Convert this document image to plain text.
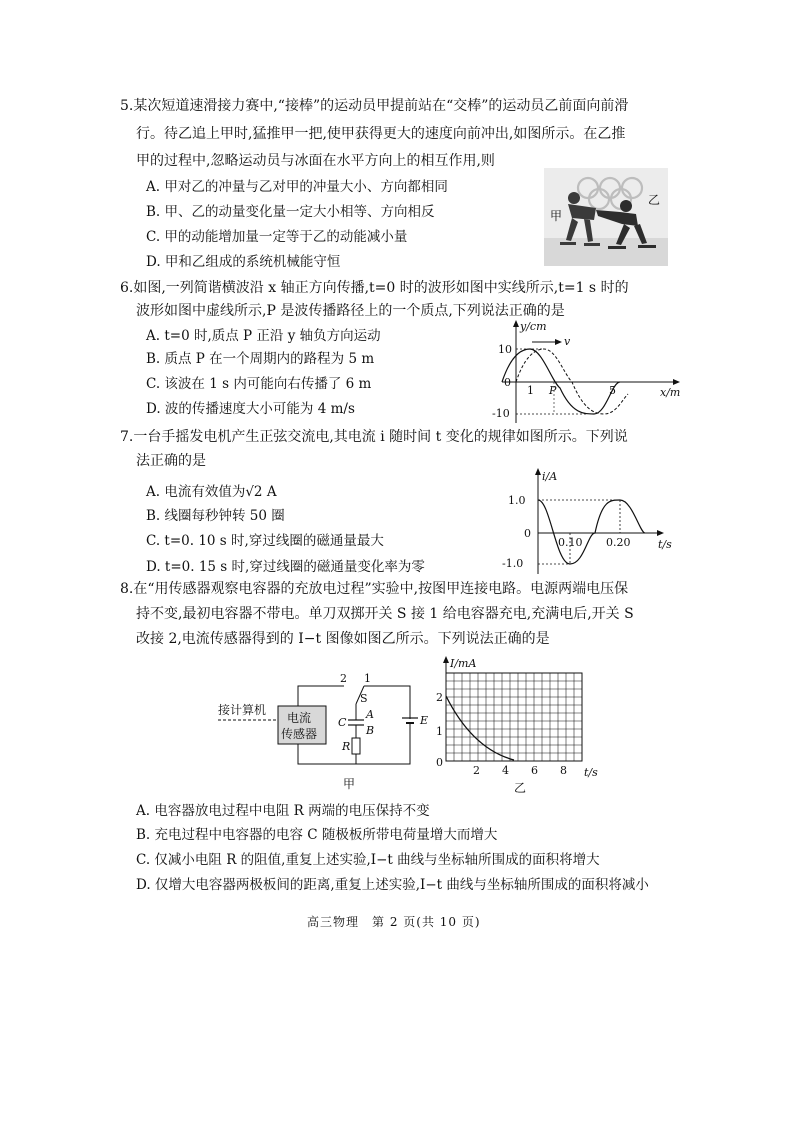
5.某次短道速滑接力赛中,“接棒”的运动员甲提前站在“交棒”的运动员乙前面向前滑
行。待乙追上甲时,猛推甲一把,使甲获得更大的速度向前冲出,如图所示。在乙推
甲的过程中,忽略运动员与冰面在水平方向上的相互作用,则
A. 甲对乙的冲量与乙对甲的冲量大小、方向都相同
B. 甲、乙的动量变化量一定大小相等、方向相反
C. 甲的动能增加量一定等于乙的动能减小量
D. 甲和乙组成的系统机械能守恒
甲
乙
6.如图,一列简谐横波沿 x 轴正方向传播,t=0 时的波形如图中实线所示,t=1 s 时的
波形如图中虚线所示,P 是波传播路径上的一个质点,下列说法正确的是
A. t=0 时,质点 P 正沿 y 轴负方向运动
B. 质点 P 在一个周期内的路程为 5 m
C. 该波在 1 s 内可能向右传播了 6 m
D. 波的传播速度大小可能为 4 m/s
y/cm
x/m
10
-10
0
1 P	5
v
7.一台手摇发电机产生正弦交流电,其电流 i 随时间 t 变化的规律如图所示。下列说
法正确的是
A. 电流有效值为√2 A
B. 线圈每秒钟转 50 圈
C. t=0. 10 s 时,穿过线圈的磁通量最大
D. t=0. 15 s 时,穿过线圈的磁通量变化率为零
i/A
t/s
1.0
-1.0
0
0.10 0.20
8.在“用传感器观察电容器的充放电过程”实验中,按图甲连接电路。电源两端电压保
持不变,最初电容器不带电。单刀双掷开关 S 接 1 给电容器充电,充满电后,开关 S
改接 2,电流传感器得到的 I−t 图像如图乙所示。下列说法正确的是
接计算机
电流
传感器
2 1
S
C
A
B
R
E
甲
I/mA
t/s
2
1
0
2 4 6 8
乙
A. 电容器放电过程中电阻 R 两端的电压保持不变
B. 充电过程中电容器的电容 C 随极板所带电荷量增大而增大
C. 仅减小电阻 R 的阻值,重复上述实验,I−t 曲线与坐标轴所围成的面积将增大
D. 仅增大电容器两极板间的距离,重复上述实验,I−t 曲线与坐标轴所围成的面积将减小
高三物理　第 2 页(共 10 页)
